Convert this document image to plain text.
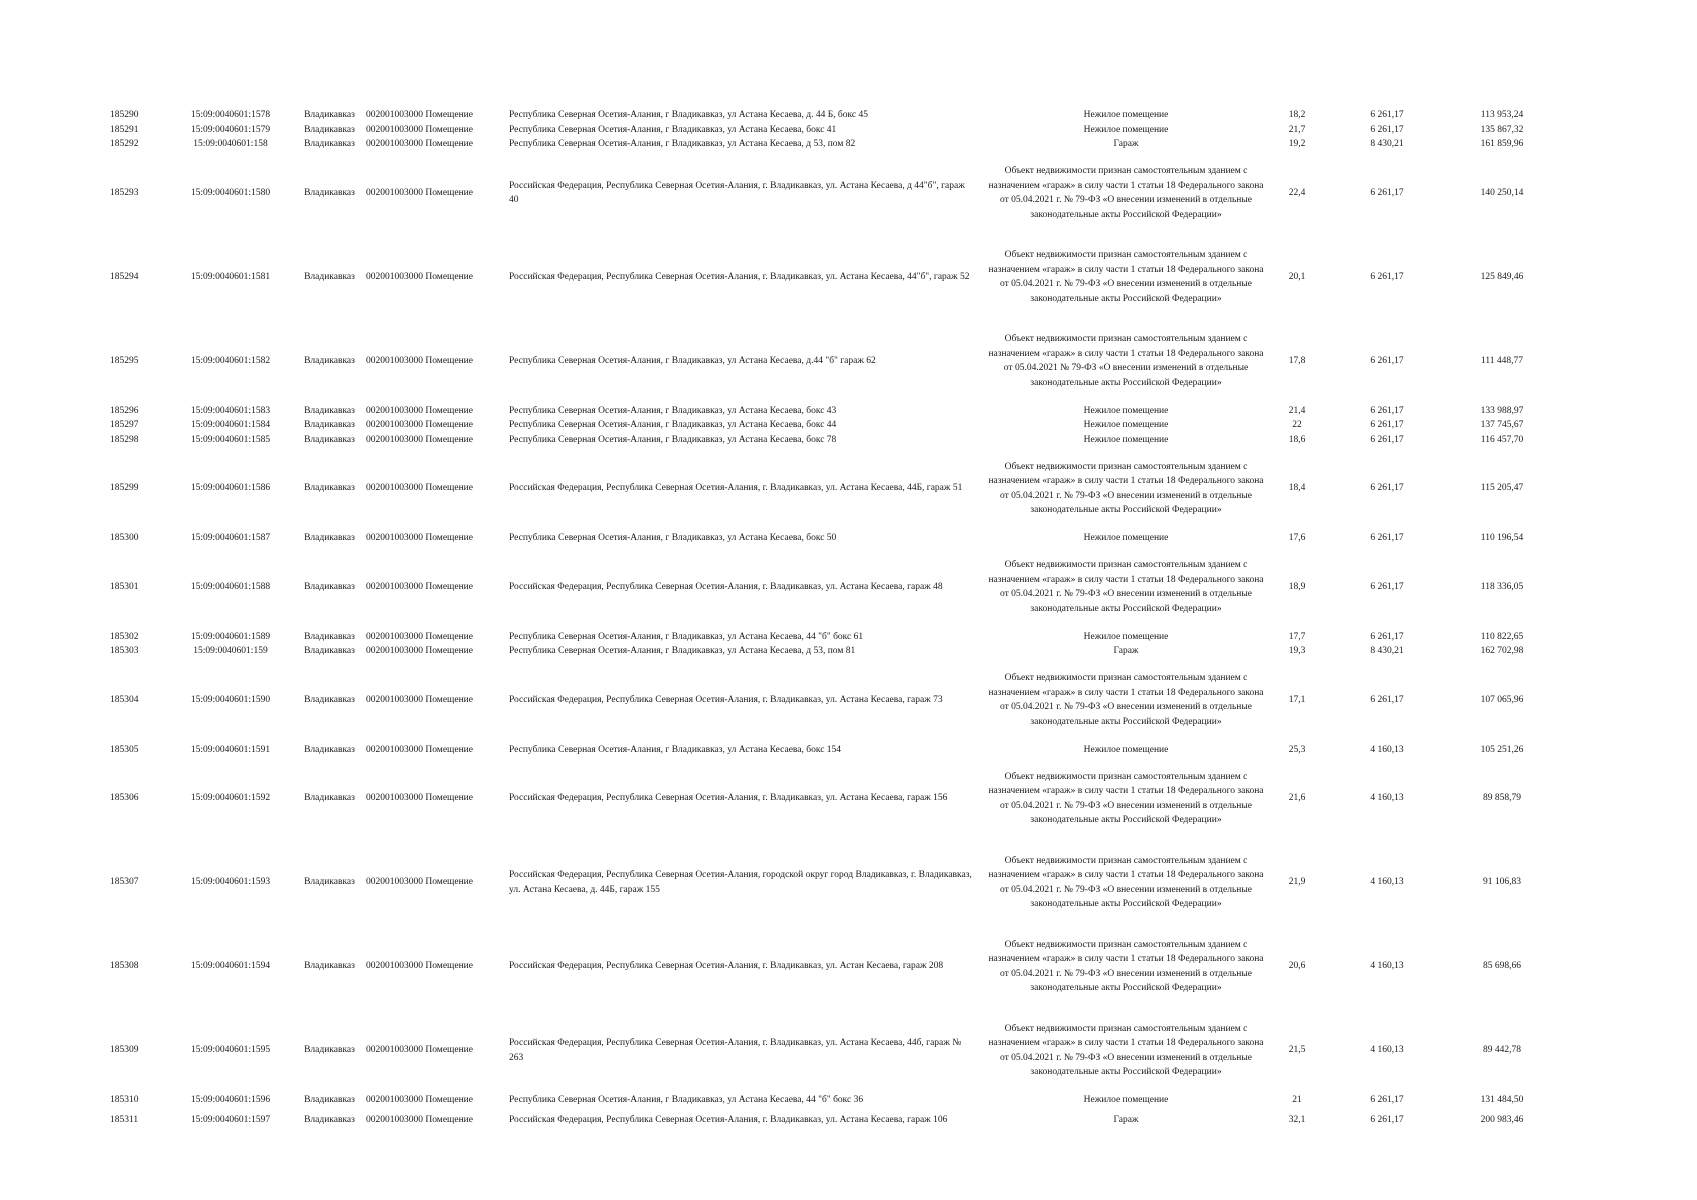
185290	15:09:0040601:1578	Владикавказ	002001003000 Помещение	Республика Северная Осетия-Алания, г Владикавказ, ул Астана Кесаева, д. 44 Б, бокс 45	Нежилое помещение	18,2	6 261,17	113 953,24
185291	15:09:0040601:1579	Владикавказ	002001003000 Помещение	Республика Северная Осетия-Алания, г Владикавказ, ул Астана Кесаева, бокс 41	Нежилое помещение	21,7	6 261,17	135 867,32
185292	15:09:0040601:158	Владикавказ	002001003000 Помещение	Республика Северная Осетия-Алания, г Владикавказ, ул Астана Кесаева, д 53, пом 82	Гараж	19,2	8 430,21	161 859,96
185293	15:09:0040601:1580	Владикавказ	002001003000 Помещение	Российская Федерация, Республика Северная Осетия-Алания, г. Владикавказ, ул. Астана Кесаева, д 44"б", гараж 40	Объект недвижимости признан самостоятельным зданием с назначением «гараж» в силу части 1 статьи 18 Федерального закона от 05.04.2021 г. № 79-ФЗ «О внесении изменений в отдельные законодательные акты Российской Федерации»	22,4	6 261,17	140 250,14
185294	15:09:0040601:1581	Владикавказ	002001003000 Помещение	Российская Федерация, Республика Северная Осетия-Алания, г. Владикавказ, ул. Астана Кесаева, 44"б", гараж 52	Объект недвижимости признан самостоятельным зданием с назначением «гараж» в силу части 1 статьи 18 Федерального закона от 05.04.2021 г. № 79-ФЗ «О внесении изменений в отдельные законодательные акты Российской Федерации»	20,1	6 261,17	125 849,46
185295	15:09:0040601:1582	Владикавказ	002001003000 Помещение	Республика Северная Осетия-Алания, г Владикавказ, ул Астана Кесаева, д.44 "б" гараж 62	Объект недвижимости признан самостоятельным зданием с назначением «гараж» в силу части 1 статьи 18 Федерального закона от 05.04.2021 № 79-ФЗ «О внесении изменений в отдельные законодательные акты Российской Федерации»	17,8	6 261,17	111 448,77
185296	15:09:0040601:1583	Владикавказ	002001003000 Помещение	Республика Северная Осетия-Алания, г Владикавказ, ул Астана Кесаева, бокс 43	Нежилое помещение	21,4	6 261,17	133 988,97
185297	15:09:0040601:1584	Владикавказ	002001003000 Помещение	Республика Северная Осетия-Алания, г Владикавказ, ул Астана Кесаева, бокс 44	Нежилое помещение	22	6 261,17	137 745,67
185298	15:09:0040601:1585	Владикавказ	002001003000 Помещение	Республика Северная Осетия-Алания, г Владикавказ, ул Астана Кесаева, бокс 78	Нежилое помещение	18,6	6 261,17	116 457,70
185299	15:09:0040601:1586	Владикавказ	002001003000 Помещение	Российская Федерация, Республика Северная Осетия-Алания, г. Владикавказ, ул. Астана Кесаева, 44Б, гараж 51	Объект недвижимости признан самостоятельным зданием с назначением «гараж» в силу части 1 статьи 18 Федерального закона от 05.04.2021 г. № 79-ФЗ «О внесении изменений в отдельные законодательные акты Российской Федерации»	18,4	6 261,17	115 205,47
185300	15:09:0040601:1587	Владикавказ	002001003000 Помещение	Республика Северная Осетия-Алания, г Владикавказ, ул Астана Кесаева, бокс 50	Нежилое помещение	17,6	6 261,17	110 196,54
185301	15:09:0040601:1588	Владикавказ	002001003000 Помещение	Российская Федерация, Республика Северная Осетия-Алания, г. Владикавказ, ул. Астана Кесаева, гараж 48	Объект недвижимости признан самостоятельным зданием с назначением «гараж» в силу части 1 статьи 18 Федерального закона от 05.04.2021 г. № 79-ФЗ «О внесении изменений в отдельные законодательные акты Российской Федерации»	18,9	6 261,17	118 336,05
185302	15:09:0040601:1589	Владикавказ	002001003000 Помещение	Республика Северная Осетия-Алания, г Владикавказ, ул Астана Кесаева, 44 "б" бокс 61	Нежилое помещение	17,7	6 261,17	110 822,65
185303	15:09:0040601:159	Владикавказ	002001003000 Помещение	Республика Северная Осетия-Алания, г Владикавказ, ул Астана Кесаева, д 53, пом 81	Гараж	19,3	8 430,21	162 702,98
185304	15:09:0040601:1590	Владикавказ	002001003000 Помещение	Российская Федерация, Республика Северная Осетия-Алания, г. Владикавказ, ул. Астана Кесаева, гараж 73	Объект недвижимости признан самостоятельным зданием с назначением «гараж» в силу части 1 статьи 18 Федерального закона от 05.04.2021 г. № 79-ФЗ «О внесении изменений в отдельные законодательные акты Российской Федерации»	17,1	6 261,17	107 065,96
185305	15:09:0040601:1591	Владикавказ	002001003000 Помещение	Республика Северная Осетия-Алания, г Владикавказ, ул Астана Кесаева, бокс 154	Нежилое помещение	25,3	4 160,13	105 251,26
185306	15:09:0040601:1592	Владикавказ	002001003000 Помещение	Российская Федерация, Республика Северная Осетия-Алания, г. Владикавказ, ул. Астана Кесаева, гараж 156	Объект недвижимости признан самостоятельным зданием с назначением «гараж» в силу части 1 статьи 18 Федерального закона от 05.04.2021 г. № 79-ФЗ «О внесении изменений в отдельные законодательные акты Российской Федерации»	21,6	4 160,13	89 858,79
185307	15:09:0040601:1593	Владикавказ	002001003000 Помещение	Российская Федерация, Республика Северная Осетия-Алания, городской округ город Владикавказ, г. Владикавказ, ул. Астана Кесаева, д. 44Б, гараж 155	Объект недвижимости признан самостоятельным зданием с назначением «гараж» в силу части 1 статьи 18 Федерального закона от 05.04.2021 г. № 79-ФЗ «О внесении изменений в отдельные законодательные акты Российской Федерации»	21,9	4 160,13	91 106,83
185308	15:09:0040601:1594	Владикавказ	002001003000 Помещение	Российская Федерация, Республика Северная Осетия-Алания, г. Владикавказ, ул. Астан Кесаева, гараж 208	Объект недвижимости признан самостоятельным зданием с назначением «гараж» в силу части 1 статьи 18 Федерального закона от 05.04.2021 г. № 79-ФЗ «О внесении изменений в отдельные законодательные акты Российской Федерации»	20,6	4 160,13	85 698,66
185309	15:09:0040601:1595	Владикавказ	002001003000 Помещение	Российская Федерация, Республика Северная Осетия-Алания, г. Владикавказ, ул. Астана Кесаева, 44б, гараж № 263	Объект недвижимости признан самостоятельным зданием с назначением «гараж» в силу части 1 статьи 18 Федерального закона от 05.04.2021 г. № 79-ФЗ «О внесении изменений в отдельные законодательные акты Российской Федерации»	21,5	4 160,13	89 442,78
185310	15:09:0040601:1596	Владикавказ	002001003000 Помещение	Республика Северная Осетия-Алания, г Владикавказ, ул Астана Кесаева, 44 "б" бокс 36	Нежилое помещение	21	6 261,17	131 484,50
185311	15:09:0040601:1597	Владикавказ	002001003000 Помещение	Российская Федерация, Республика Северная Осетия-Алания, г. Владикавказ, ул. Астана Кесаева, гараж 106	Гараж	32,1	6 261,17	200 983,46
